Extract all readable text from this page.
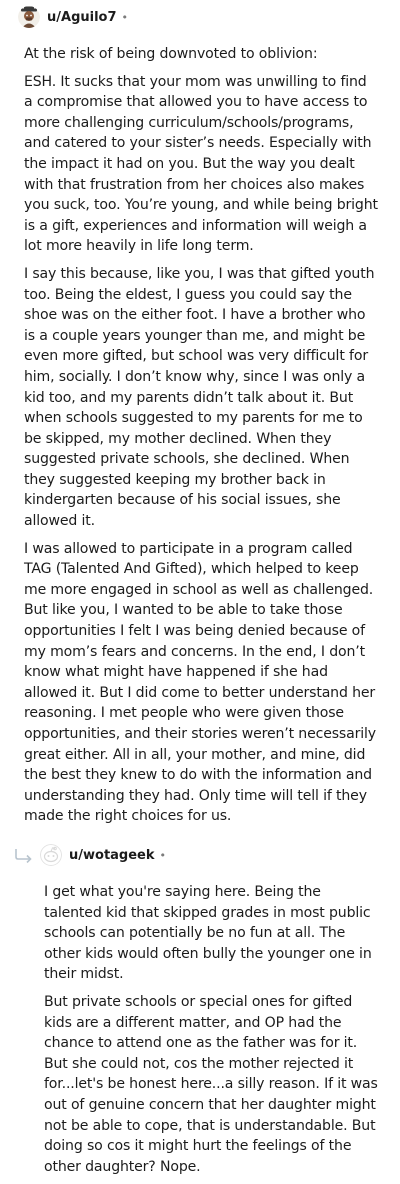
u/Aguilo7 •

At the risk of being downvoted to oblivion:

ESH. It sucks that your mom was unwilling to find a compromise that allowed you to have access to more challenging curriculum/schools/programs, and catered to your sister’s needs. Especially with the impact it had on you. But the way you dealt with that frustration from her choices also makes you suck, too. You’re young, and while being bright is a gift, experiences and information will weigh a lot more heavily in life long term.

I say this because, like you, I was that gifted youth too. Being the eldest, I guess you could say the shoe was on the either foot. I have a brother who is a couple years younger than me, and might be even more gifted, but school was very difficult for him, socially. I don’t know why, since I was only a kid too, and my parents didn’t talk about it. But when schools suggested to my parents for me to be skipped, my mother declined. When they suggested private schools, she declined. When they suggested keeping my brother back in kindergarten because of his social issues, she allowed it.

I was allowed to participate in a program called TAG (Talented And Gifted), which helped to keep me more engaged in school as well as challenged. But like you, I wanted to be able to take those opportunities I felt I was being denied because of my mom’s fears and concerns. In the end, I don’t know what might have happened if she had allowed it. But I did come to better understand her reasoning. I met people who were given those opportunities, and their stories weren’t necessarily great either. All in all, your mother, and mine, did the best they knew to do with the information and understanding they had. Only time will tell if they made the right choices for us.

u/wotageek •

I get what you're saying here. Being the talented kid that skipped grades in most public schools can potentially be no fun at all. The other kids would often bully the younger one in their midst.

But private schools or special ones for gifted kids are a different matter, and OP had the chance to attend one as the father was for it. But she could not, cos the mother rejected it for...let's be honest here...a silly reason. If it was out of genuine concern that her daughter might not be able to cope, that is understandable. But doing so cos it might hurt the feelings of the other daughter? Nope.
